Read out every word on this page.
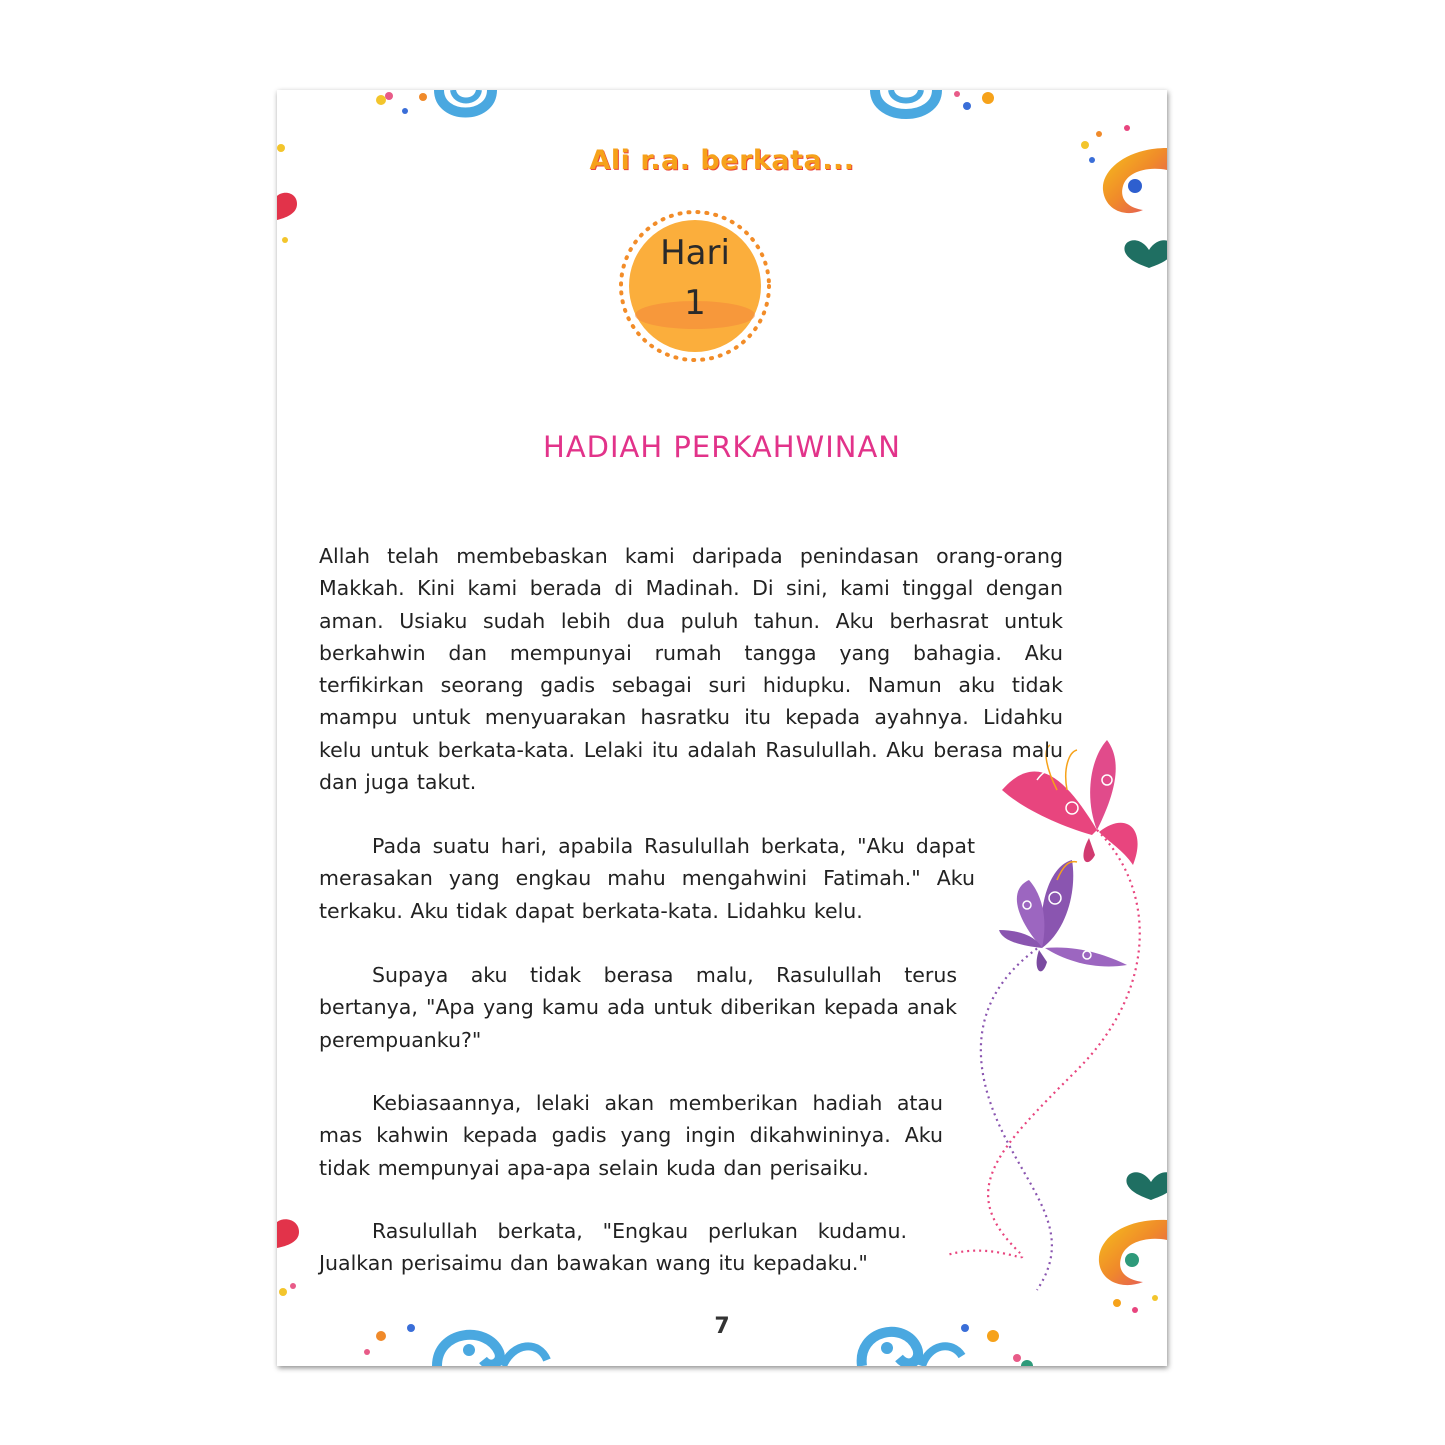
Ali r.a. berkata...
Hari
1
HADIAH PERKAHWINAN

Allah telah membebaskan kami daripada penindasan orang-orang Makkah. Kini kami berada di Madinah. Di sini, kami tinggal dengan aman. Usiaku sudah lebih dua puluh tahun. Aku berhasrat untuk berkahwin dan mempunyai rumah tangga yang bahagia. Aku terfikirkan seorang gadis sebagai suri hidupku. Namun aku tidak mampu untuk menyuarakan hasratku itu kepada ayahnya. Lidahku kelu untuk berkata-kata. Lelaki itu adalah Rasulullah. Aku berasa malu dan juga takut.

Pada suatu hari, apabila Rasulullah berkata, "Aku dapat merasakan yang engkau mahu mengahwini Fatimah." Aku terkaku. Aku tidak dapat berkata-kata. Lidahku kelu.

Supaya aku tidak berasa malu, Rasulullah terus bertanya, "Apa yang kamu ada untuk diberikan kepada anak perempuanku?"

Kebiasaannya, lelaki akan memberikan hadiah atau mas kahwin kepada gadis yang ingin dikahwininya. Aku tidak mempunyai apa-apa selain kuda dan perisaiku.

Rasulullah berkata, "Engkau perlukan kudamu. Jualkan perisaimu dan bawakan wang itu kepadaku."

7
